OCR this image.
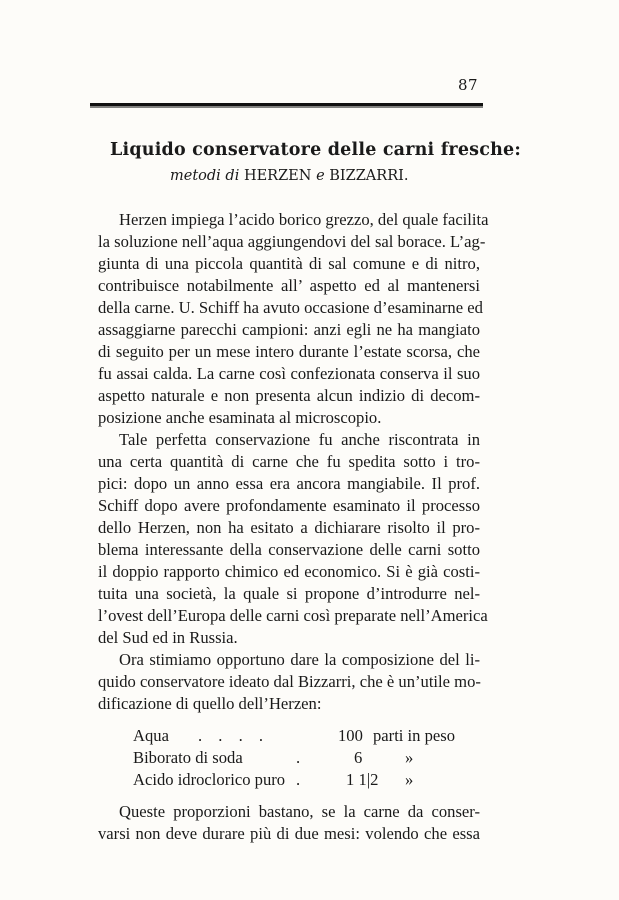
87
Liquido conservatore delle carni fresche:
metodi di HERZEN e BIZZARRI.
Herzen impiega l’acido borico grezzo, del quale facilita
la soluzione nell’aqua aggiungendovi del sal borace. L’ag-
giunta di una piccola quantità di sal comune e di nitro,
contribuisce notabilmente all’ aspetto ed al mantenersi
della carne. U. Schiff ha avuto occasione d’esaminarne ed
assaggiarne parecchi campioni: anzi egli ne ha mangiato
di seguito per un mese intero durante l’estate scorsa, che
fu assai calda. La carne così confezionata conserva il suo
aspetto naturale e non presenta alcun indizio di decom-
posizione anche esaminata al microscopio.
Tale perfetta conservazione fu anche riscontrata in
una certa quantità di carne che fu spedita sotto i tro-
pici: dopo un anno essa era ancora mangiabile. Il prof.
Schiff dopo avere profondamente esaminato il processo
dello Herzen, non ha esitato a dichiarare risolto il pro-
blema interessante della conservazione delle carni sotto
il doppio rapporto chimico ed economico. Si è già costi-
tuita una società, la quale si propone d’introdurre nel-
l’ovest dell’Europa delle carni così preparate nell’America
del Sud ed in Russia.
Ora stimiamo opportuno dare la composizione del li-
quido conservatore ideato dal Bizzarri, che è un’utile mo-
dificazione di quello dell’Herzen:
Aqua . . . .	100 parti in peso
Biborato di soda	.	6	»
Acido idroclorico puro .	1 1|2 »
Queste proporzioni bastano, se la carne da conser-
varsi non deve durare più di due mesi: volendo che essa
